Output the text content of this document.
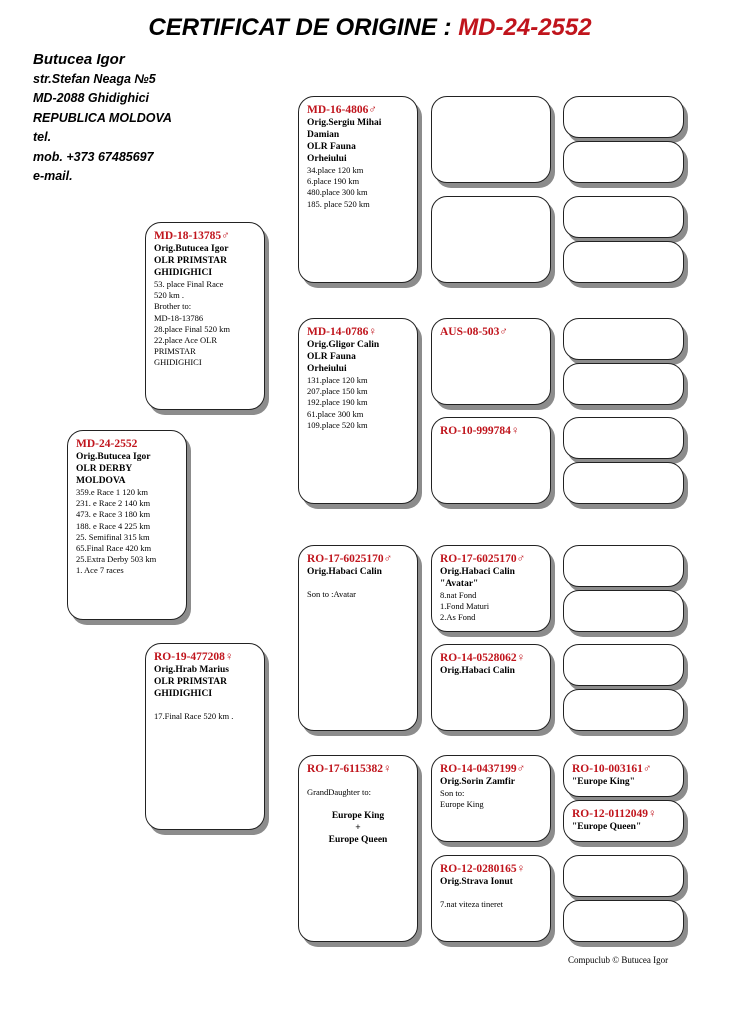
CERTIFICAT DE ORIGINE : MD-24-2552
Butucea Igor
str.Stefan Neaga №5
MD-2088 Ghidighici
REPUBLICA MOLDOVA
tel.
mob. +373 67485697
e-mail.
MD-24-2552
Orig.Butucea Igor
OLR DERBY
MOLDOVA
359.e Race 1 120 km
231. e Race 2 140 km
473. e Race 3 180 km
188. e Race 4 225 km
25. Semifinal 315 km
65.Final Race 420 km
25.Extra Derby 503 km
1. Ace 7 races
MD-18-13785♂
Orig.Butucea Igor
OLR PRIMSTAR
GHIDIGHICI
53. place Final Race
520 km .
Brother to:
MD-18-13786
28.place Final 520 km
22.place Ace OLR
PRIMSTAR
GHIDIGHICI
RO-19-477208♀
Orig.Hrab Marius
OLR PRIMSTAR
GHIDIGHICI

17.Final Race 520 km .
MD-16-4806♂
Orig.Sergiu Mihai
Damian
OLR Fauna
Orheiului
34.place 120 km
6.place 190 km
480.place 300 km
185. place 520 km
MD-14-0786♀
Orig.Gligor Calin
OLR Fauna
Orheiului
131.place 120 km
207.place 150 km
192.place 190 km
61.place 300 km
109.place 520 km
RO-17-6025170♂
Orig.Habaci Calin

Son to :Avatar
RO-17-6115382♀

GrandDaughter to:

Europe King
+
Europe Queen
AUS-08-503♂
RO-10-999784♀
RO-17-6025170♂
Orig.Habaci Calin
"Avatar"
8.nat Fond
1.Fond Maturi
2.As Fond
RO-14-0528062♀
Orig.Habaci Calin
RO-14-0437199♂
Orig.Sorin Zamfir
Son to:
Europe King
RO-12-0280165♀
Orig.Strava Ionut

7.nat viteza tineret
RO-10-003161♂
"Europe King"
RO-12-0112049♀
"Europe Queen"
Compuclub © Butucea Igor
